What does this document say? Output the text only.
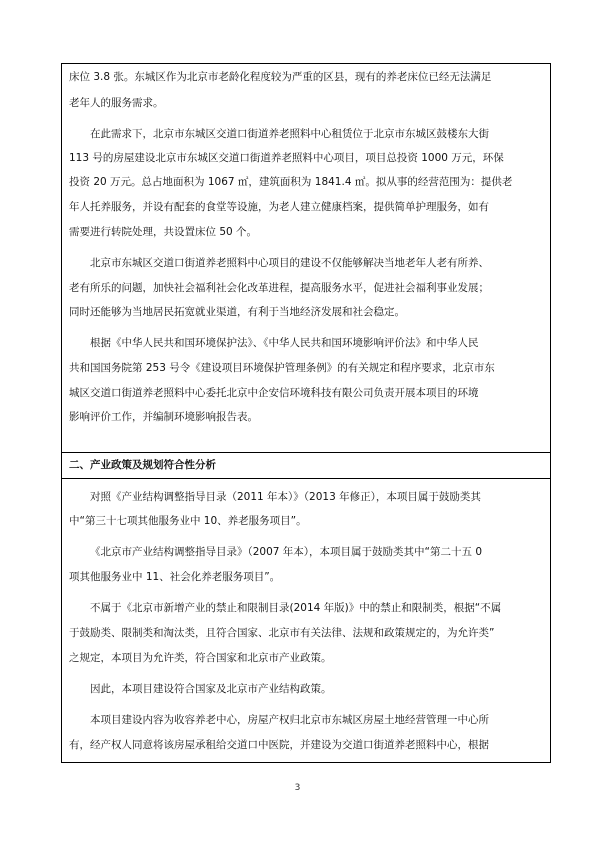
床位 3.8 张。东城区作为北京市老龄化程度较为严重的区县，现有的养老床位已经无法满足
老年人的服务需求。
在此需求下，北京市东城区交道口街道养老照料中心租赁位于北京市东城区鼓楼东大街
113 号的房屋建设北京市东城区交道口街道养老照料中心项目，项目总投资 1000 万元，环保
投资 20 万元。总占地面积为 1067 ㎡，建筑面积为 1841.4 ㎡。拟从事的经营范围为：提供老
年人托养服务，并设有配套的食堂等设施，为老人建立健康档案，提供简单护理服务，如有
需要进行转院处理，共设置床位 50 个。
北京市东城区交道口街道养老照料中心项目的建设不仅能够解决当地老年人老有所养、
老有所乐的问题，加快社会福利社会化改革进程，提高服务水平，促进社会福利事业发展；
同时还能够为当地居民拓宽就业渠道，有利于当地经济发展和社会稳定。
根据《中华人民共和国环境保护法》、《中华人民共和国环境影响评价法》和中华人民
共和国国务院第 253 号令《建设项目环境保护管理条例》的有关规定和程序要求，北京市东
城区交道口街道养老照料中心委托北京中企安信环境科技有限公司负责开展本项目的环境
影响评价工作，并编制环境影响报告表。
二、产业政策及规划符合性分析
对照《产业结构调整指导目录（2011 年本）》（2013 年修正），本项目属于鼓励类其
中“第三十七项其他服务业中 10、养老服务项目”。
《北京市产业结构调整指导目录》（2007 年本），本项目属于鼓励类其中“第二十五 0
项其他服务业中 11、社会化养老服务项目”。
不属于《北京市新增产业的禁止和限制目录(2014 年版)》中的禁止和限制类，根据“不属
于鼓励类、限制类和淘汰类，且符合国家、北京市有关法律、法规和政策规定的，为允许类”
之规定，本项目为允许类，符合国家和北京市产业政策。
因此，本项目建设符合国家及北京市产业结构政策。
本项目建设内容为收容养老中心，房屋产权归北京市东城区房屋土地经营管理一中心所
有，经产权人同意将该房屋承租给交道口中医院，并建设为交道口街道养老照料中心，根据
3
